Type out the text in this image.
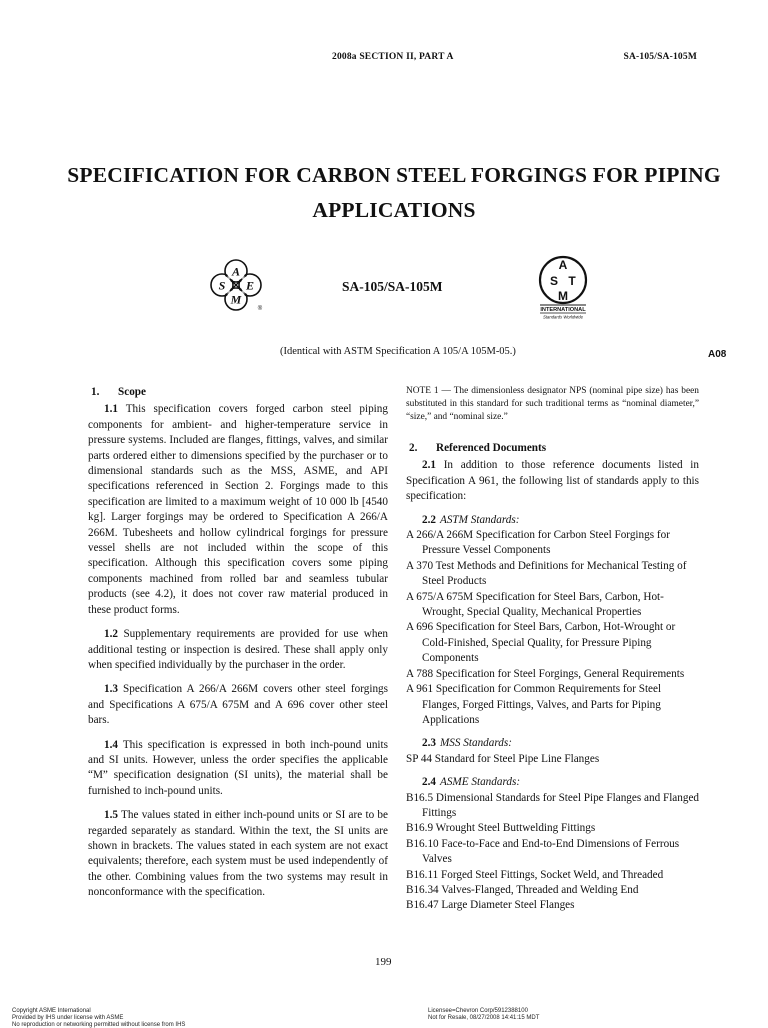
2008a SECTION II, PART A	SA-105/SA-105M
SPECIFICATION FOR CARBON STEEL FORGINGS FOR PIPING APPLICATIONS
A
S
M
E
®
SA-105/SA-105M
A
S T
M
INTERNATIONAL
Standards Worldwide
(Identical with ASTM Specification A 105/A 105M-05.)	A08
1. Scope

1.1 This specification covers forged carbon steel piping components for ambient- and higher-temperature service in pressure systems. Included are flanges, fittings, valves, and similar parts ordered either to dimensions specified by the purchaser or to dimensional standards such as the MSS, ASME, and API specifications referenced in Section 2. Forgings made to this specification are limited to a maximum weight of 10 000 lb [4540 kg]. Larger forgings may be ordered to Specification A 266/A 266M. Tubesheets and hollow cylindrical forgings for pressure vessel shells are not included within the scope of this specification. Although this specification covers some piping components machined from rolled bar and seamless tubular products (see 4.2), it does not cover raw material produced in these product forms.

1.2 Supplementary requirements are provided for use when additional testing or inspection is desired. These shall apply only when specified individually by the purchaser in the order.

1.3 Specification A 266/A 266M covers other steel forgings and Specifications A 675/A 675M and A 696 cover other steel bars.

1.4 This specification is expressed in both inch-pound units and SI units. However, unless the order specifies the applicable “M” specification designation (SI units), the material shall be furnished to inch-pound units.

1.5 The values stated in either inch-pound units or SI are to be regarded separately as standard. Within the text, the SI units are shown in brackets. The values stated in each system are not exact equivalents; therefore, each system must be used independently of the other. Combining values from the two systems may result in nonconformance with the specification.

NOTE 1 — The dimensionless designator NPS (nominal pipe size) has been substituted in this standard for such traditional terms as “nominal diameter,” “size,” and “nominal size.”

2. Referenced Documents

2.1 In addition to those reference documents listed in Specification A 961, the following list of standards apply to this specification:

2.2 ASTM Standards:

A 266/A 266M Specification for Carbon Steel Forgings for Pressure Vessel Components

A 370 Test Methods and Definitions for Mechanical Testing of Steel Products

A 675/A 675M Specification for Steel Bars, Carbon, Hot-Wrought, Special Quality, Mechanical Properties

A 696 Specification for Steel Bars, Carbon, Hot-Wrought or Cold-Finished, Special Quality, for Pressure Piping Components

A 788 Specification for Steel Forgings, General Requirements

A 961 Specification for Common Requirements for Steel Flanges, Forged Fittings, Valves, and Parts for Piping Applications

2.3 MSS Standards:

SP 44 Standard for Steel Pipe Line Flanges

2.4 ASME Standards:

B16.5 Dimensional Standards for Steel Pipe Flanges and Flanged Fittings

B16.9 Wrought Steel Buttwelding Fittings

B16.10 Face-to-Face and End-to-End Dimensions of Ferrous Valves

B16.11 Forged Steel Fittings, Socket Weld, and Threaded

B16.34 Valves-Flanged, Threaded and Welding End

B16.47 Large Diameter Steel Flanges

199
Copyright ASME International
Provided by IHS under license with ASME
No reproduction or networking permitted without license from IHS
Licensee=Chevron Corp/5912388100
Not for Resale, 08/27/2008 14:41:15 MDT
